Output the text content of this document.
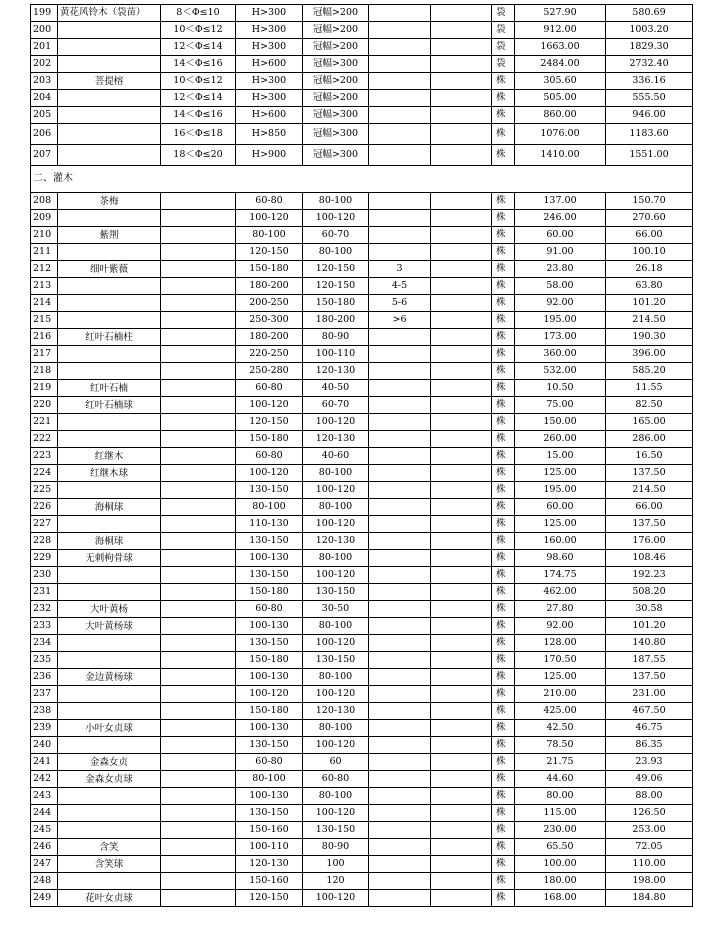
199	黄花风铃木（袋苗）	8＜Φ≤10	H>300	冠幅>200			袋	527.90	580.69
200		10＜Φ≤12	H>300	冠幅>200			袋	912.00	1003.20
201		12＜Φ≤14	H>300	冠幅>200			袋	1663.00	1829.30
202		14＜Φ≤16	H>600	冠幅>300			袋	2484.00	2732.40
203	菩提榕	10＜Φ≤12	H>300	冠幅>200			株	305.60	336.16
204		12＜Φ≤14	H>300	冠幅>200			株	505.00	555.50
205		14＜Φ≤16	H>600	冠幅>300			株	860.00	946.00
206		16＜Φ≤18	H>850	冠幅>300			株	1076.00	1183.60
207		18＜Φ≤20	H>900	冠幅>300			株	1410.00	1551.00
二、灌木									
208	茶梅		60-80	80-100			株	137.00	150.70
209			100-120	100-120			株	246.00	270.60
210	紫荆		80-100	60-70			株	60.00	66.00
211			120-150	80-100			株	91.00	100.10
212	细叶紫薇		150-180	120-150	3		株	23.80	26.18
213			180-200	120-150	4-5		株	58.00	63.80
214			200-250	150-180	5-6		株	92.00	101.20
215			250-300	180-200	>6		株	195.00	214.50
216	红叶石楠柱		180-200	80-90			株	173.00	190.30
217			220-250	100-110			株	360.00	396.00
218			250-280	120-130			株	532.00	585.20
219	红叶石楠		60-80	40-50			株	10.50	11.55
220	红叶石楠球		100-120	60-70			株	75.00	82.50
221			120-150	100-120			株	150.00	165.00
222			150-180	120-130			株	260.00	286.00
223	红继木		60-80	40-60			株	15.00	16.50
224	红继木球		100-120	80-100			株	125.00	137.50
225			130-150	100-120			株	195.00	214.50
226	海桐球		80-100	80-100			株	60.00	66.00
227			110-130	100-120			株	125.00	137.50
228	海桐球		130-150	120-130			株	160.00	176.00
229	无刺枸骨球		100-130	80-100			株	98.60	108.46
230			130-150	100-120			株	174.75	192.23
231			150-180	130-150			株	462.00	508.20
232	大叶黄杨		60-80	30-50			株	27.80	30.58
233	大叶黄杨球		100-130	80-100			株	92.00	101.20
234			130-150	100-120			株	128.00	140.80
235			150-180	130-150			株	170.50	187.55
236	金边黄杨球		100-130	80-100			株	125.00	137.50
237			100-120	100-120			株	210.00	231.00
238			150-180	120-130			株	425.00	467.50
239	小叶女贞球		100-130	80-100			株	42.50	46.75
240			130-150	100-120			株	78.50	86.35
241	金森女贞		60-80	60			株	21.75	23.93
242	金森女贞球		80-100	60-80			株	44.60	49.06
243			100-130	80-100			株	80.00	88.00
244			130-150	100-120			株	115.00	126.50
245			150-160	130-150			株	230.00	253.00
246	含笑		100-110	80-90			株	65.50	72.05
247	含笑球		120-130	100			株	100.00	110.00
248			150-160	120			株	180.00	198.00
249	花叶女贞球		120-150	100-120			株	168.00	184.80
